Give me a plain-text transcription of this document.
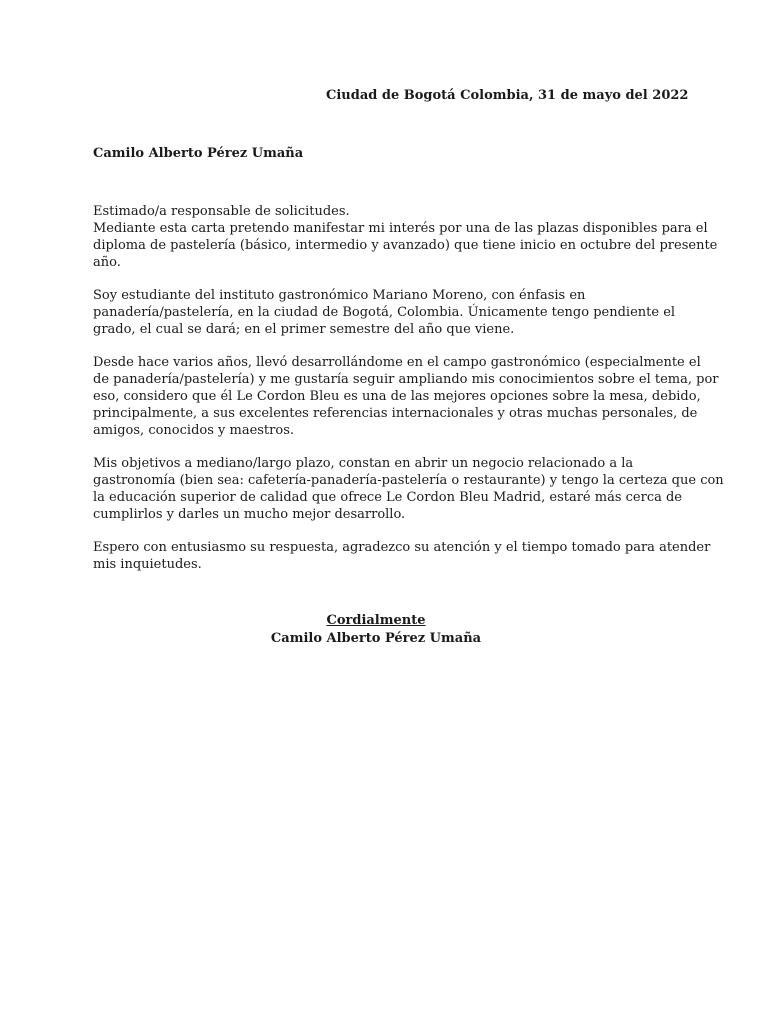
Ciudad de Bogotá Colombia, 31 de mayo del 2022
Camilo Alberto Pérez Umaña

Estimado/a responsable de solicitudes.
Mediante esta carta pretendo manifestar mi interés por una de las plazas disponibles para el
diploma de pastelería (básico, intermedio y avanzado) que tiene inicio en octubre del presente
año.

Soy estudiante del instituto gastronómico Mariano Moreno, con énfasis en
panadería/pastelería, en la ciudad de Bogotá, Colombia. Únicamente tengo pendiente el
grado, el cual se dará; en el primer semestre del año que viene.

Desde hace varios años, llevó desarrollándome en el campo gastronómico (especialmente el
de panadería/pastelería) y me gustaría seguir ampliando mis conocimientos sobre el tema, por
eso, considero que él Le Cordon Bleu es una de las mejores opciones sobre la mesa, debido,
principalmente, a sus excelentes referencias internacionales y otras muchas personales, de
amigos, conocidos y maestros.

Mis objetivos a mediano/largo plazo, constan en abrir un negocio relacionado a la
gastronomía (bien sea: cafetería-panadería-pastelería o restaurante) y tengo la certeza que con
la educación superior de calidad que ofrece Le Cordon Bleu Madrid, estaré más cerca de
cumplirlos y darles un mucho mejor desarrollo.

Espero con entusiasmo su respuesta, agradezco su atención y el tiempo tomado para atender
mis inquietudes.

Cordialmente
Camilo Alberto Pérez Umaña
